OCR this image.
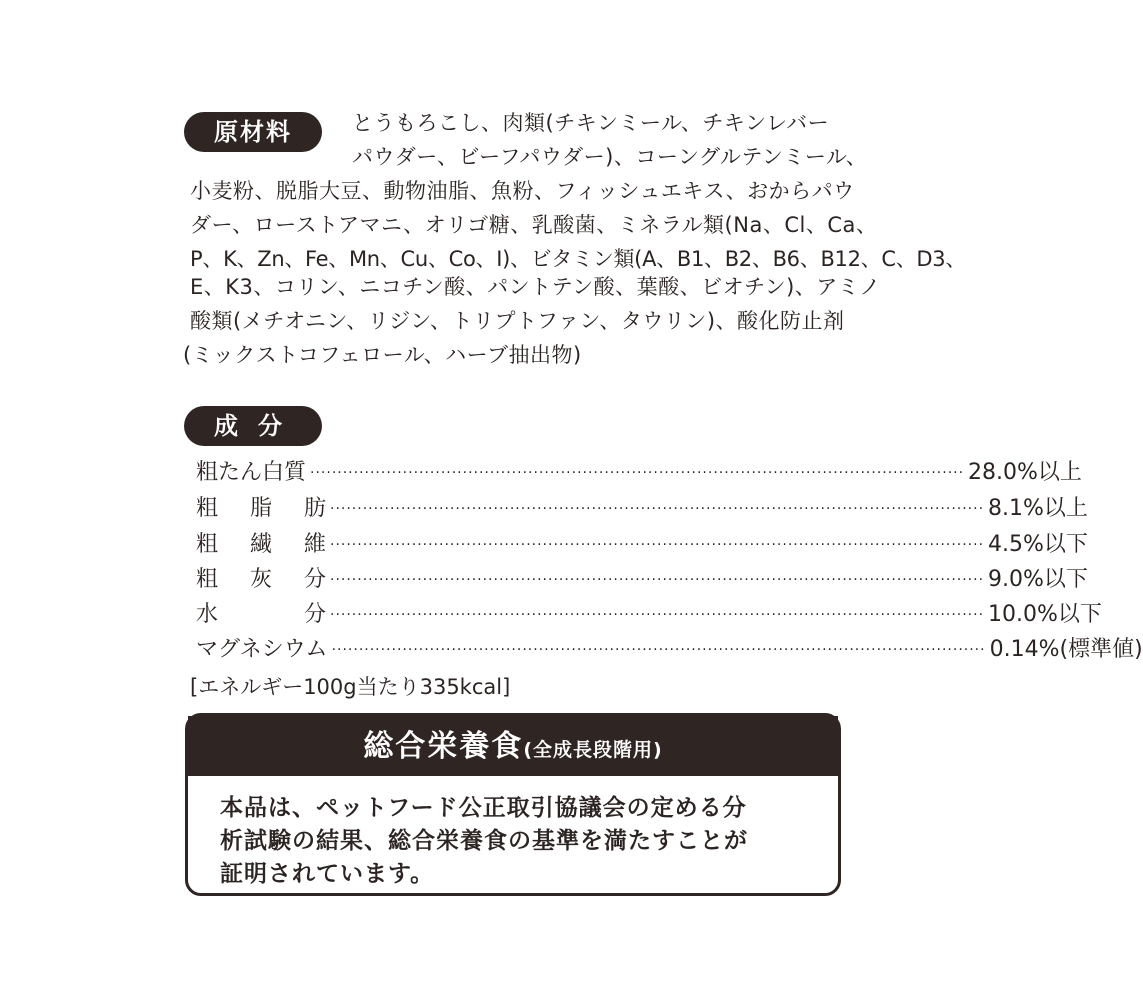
原材料	とうもろこし、肉類(チキンミール、チキンレバー
パウダー、ビーフパウダー)、コーングルテンミール、
小麦粉、脱脂大豆、動物油脂、魚粉、フィッシュエキス、おからパウ
ダー、ローストアマニ、オリゴ糖、乳酸菌、ミネラル類(Na、Cl、Ca、
P、K、Zn、Fe、Mn、Cu、Co、I)、ビタミン類(A、B1、B2、B6、B12、C、D3、
E、K3、コリン、ニコチン酸、パントテン酸、葉酸、ビオチン)、アミノ
酸類(メチオニン、リジン、トリプトファン、タウリン)、酸化防止剤
(ミックストコフェロール、ハーブ抽出物)
成分
粗たん白質 ························································································································ 28.0%以上
粗 脂 肪 ························································································································ 8.1%以上
粗 繊 維 ························································································································ 4.5%以下
粗 灰 分 ························································································································ 9.0%以下
水	分 ························································································································ 10.0%以下
マグネシウム ························································································································ 0.14%(標準値)
[エネルギー100g当たり335kcal]
総合栄養食(全成長段階用)
本品は、ペットフード公正取引協議会の定める分
析試験の結果、総合栄養食の基準を満たすことが
証明されています。
